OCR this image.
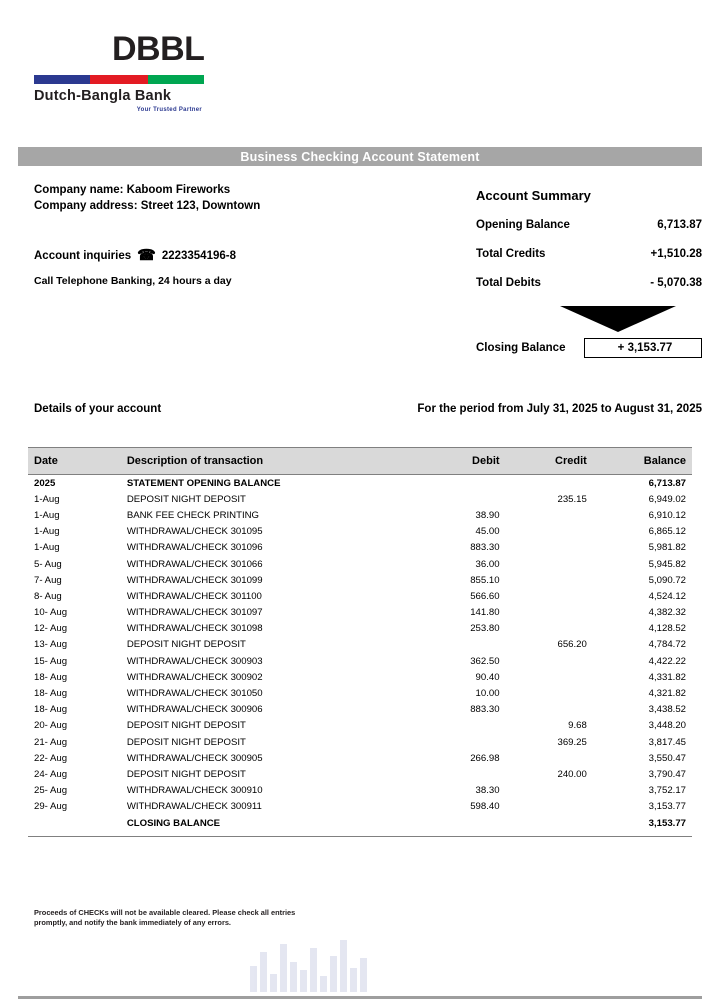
DBBL
Dutch-Bangla Bank
Your Trusted Partner
Business Checking Account Statement
Company name: Kaboom Fireworks
Company address: Street 123, Downtown
Account inquiries ☎ 2223354196-8
Call Telephone Banking, 24 hours a day
Account Summary
Opening Balance	6,713.87
Total Credits	+1,510.28
Total Debits	- 5,070.38
Closing Balance	+ 3,153.77
Details of your account	For the period from July 31, 2025 to August 31, 2025
Date	Description of transaction	Debit	Credit	Balance
2025	STATEMENT OPENING BALANCE			6,713.87
1-Aug	DEPOSIT NIGHT DEPOSIT		235.15	6,949.02
1-Aug	BANK FEE CHECK PRINTING	38.90		6,910.12
1-Aug	WITHDRAWAL/CHECK 301095	45.00		6,865.12
1-Aug	WITHDRAWAL/CHECK 301096	883.30		5,981.82
5- Aug	WITHDRAWAL/CHECK 301066	36.00		5,945.82
7- Aug	WITHDRAWAL/CHECK 301099	855.10		5,090.72
8- Aug	WITHDRAWAL/CHECK 301100	566.60		4,524.12
10- Aug	WITHDRAWAL/CHECK 301097	141.80		4,382.32
12- Aug	WITHDRAWAL/CHECK 301098	253.80		4,128.52
13- Aug	DEPOSIT NIGHT DEPOSIT		656.20	4,784.72
15- Aug	WITHDRAWAL/CHECK 300903	362.50		4,422.22
18- Aug	WITHDRAWAL/CHECK 300902	90.40		4,331.82
18- Aug	WITHDRAWAL/CHECK 301050	10.00		4,321.82
18- Aug	WITHDRAWAL/CHECK 300906	883.30		3,438.52
20- Aug	DEPOSIT NIGHT DEPOSIT		9.68	3,448.20
21- Aug	DEPOSIT NIGHT DEPOSIT		369.25	3,817.45
22- Aug	WITHDRAWAL/CHECK 300905	266.98		3,550.47
24- Aug	DEPOSIT NIGHT DEPOSIT		240.00	3,790.47
25- Aug	WITHDRAWAL/CHECK 300910	38.30		3,752.17
29- Aug	WITHDRAWAL/CHECK 300911	598.40		3,153.77
	CLOSING BALANCE			3,153.77
Proceeds of CHECKs will not be available cleared. Please check all entries promptly, and notify the bank immediately of any errors.
